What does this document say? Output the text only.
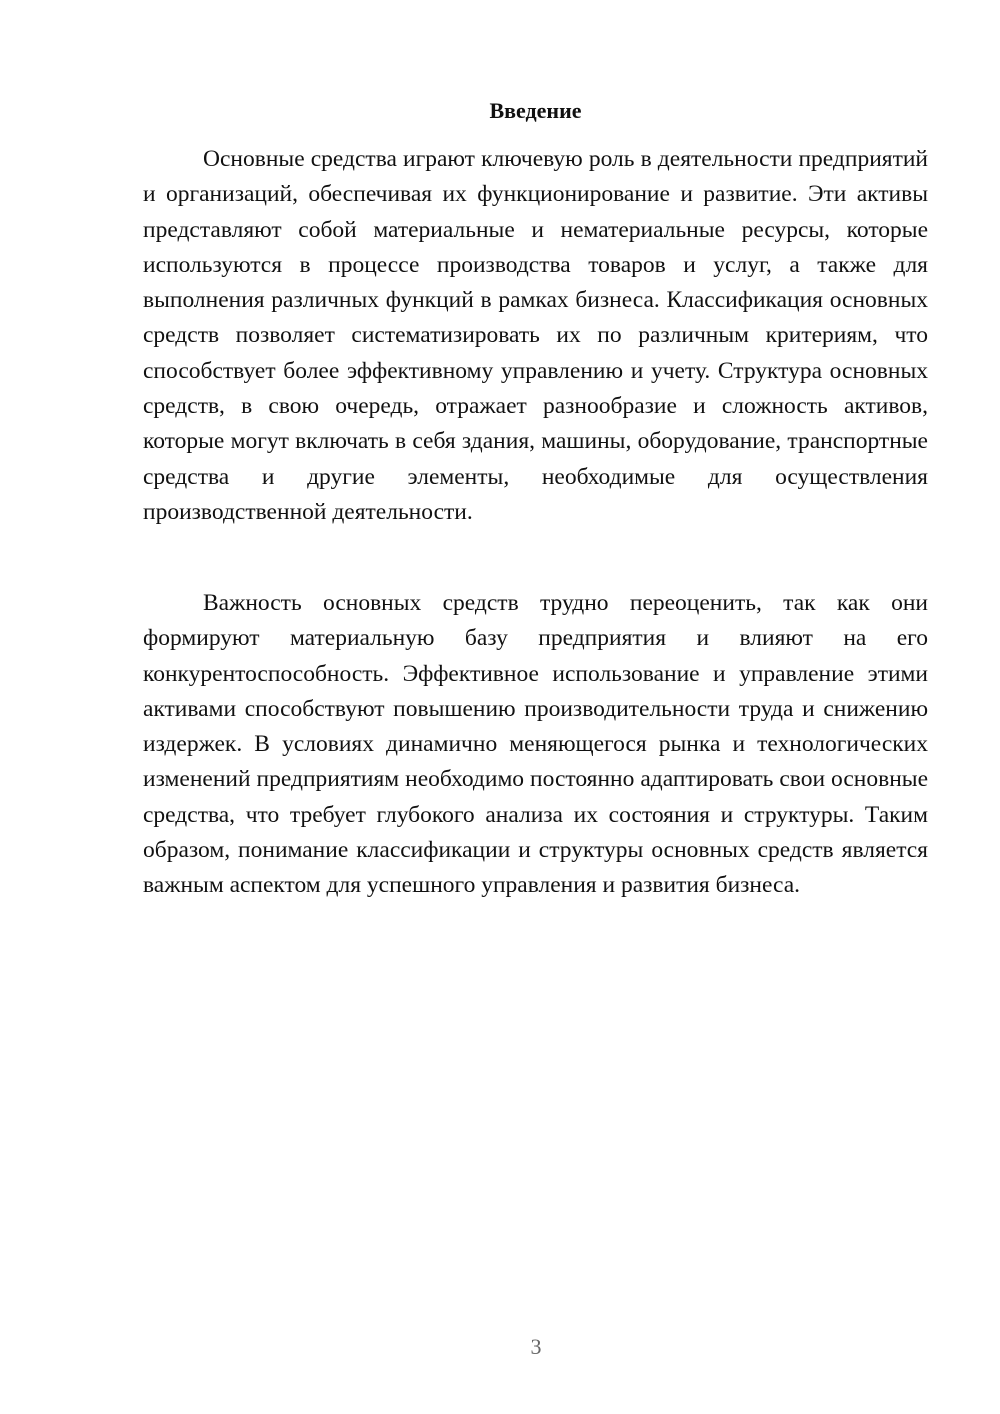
Введение

Основные средства играют ключевую роль в деятельности предприятий и организаций, обеспечивая их функционирование и развитие. Эти активы представляют собой материальные и нематериальные ресурсы, которые используются в процессе производства товаров и услуг, а также для выполнения различных функций в рамках бизнеса. Классификация основных средств позволяет систематизировать их по различным критериям, что способствует более эффективному управлению и учету. Структура основных средств, в свою очередь, отражает разнообразие и сложность активов, которые могут включать в себя здания, машины, оборудование, транспортные средства и другие элементы, необходимые для осуществления производственной деятельности.

Важность основных средств трудно переоценить, так как они формируют материальную базу предприятия и влияют на его конкурентоспособность. Эффективное использование и управление этими активами способствуют повышению производительности труда и снижению издержек. В условиях динамично меняющегося рынка и технологических изменений предприятиям необходимо постоянно адаптировать свои основные средства, что требует глубокого анализа их состояния и структуры. Таким образом, понимание классификации и структуры основных средств является важным аспектом для успешного управления и развития бизнеса.

3
